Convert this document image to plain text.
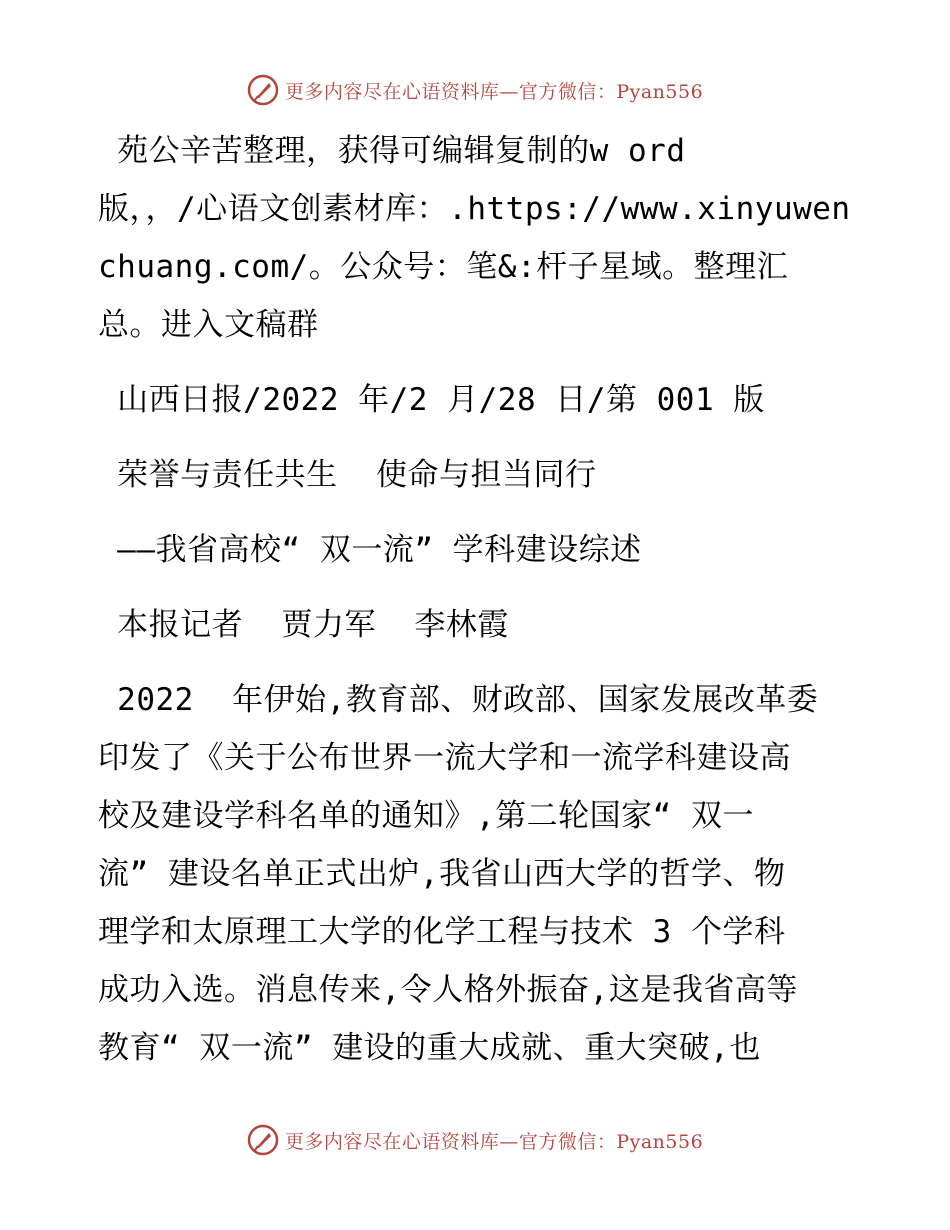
更多内容尽在心语资料库—官方微信：Pyan556
苑公辛苦整理，获得可编辑复制的w ord
版，，/心语文创素材库：.https://www.xinyuwen
chuang.com/。公众号：笔&:杆子星域。整理汇
总。进入文稿群
山西日报/2022 年/2 月/28 日/第 001 版
荣誉与责任共生  使命与担当同行
——我省高校“ 双一流” 学科建设综述
本报记者  贾力军  李林霞
2022  年伊始,教育部、财政部、国家发展改革委
印发了《关于公布世界一流大学和一流学科建设高
校及建设学科名单的通知》,第二轮国家“ 双一
流” 建设名单正式出炉,我省山西大学的哲学、物
理学和太原理工大学的化学工程与技术 3 个学科
成功入选。消息传来,令人格外振奋,这是我省高等
教育“ 双一流” 建设的重大成就、重大突破,也
更多内容尽在心语资料库—官方微信：Pyan556
